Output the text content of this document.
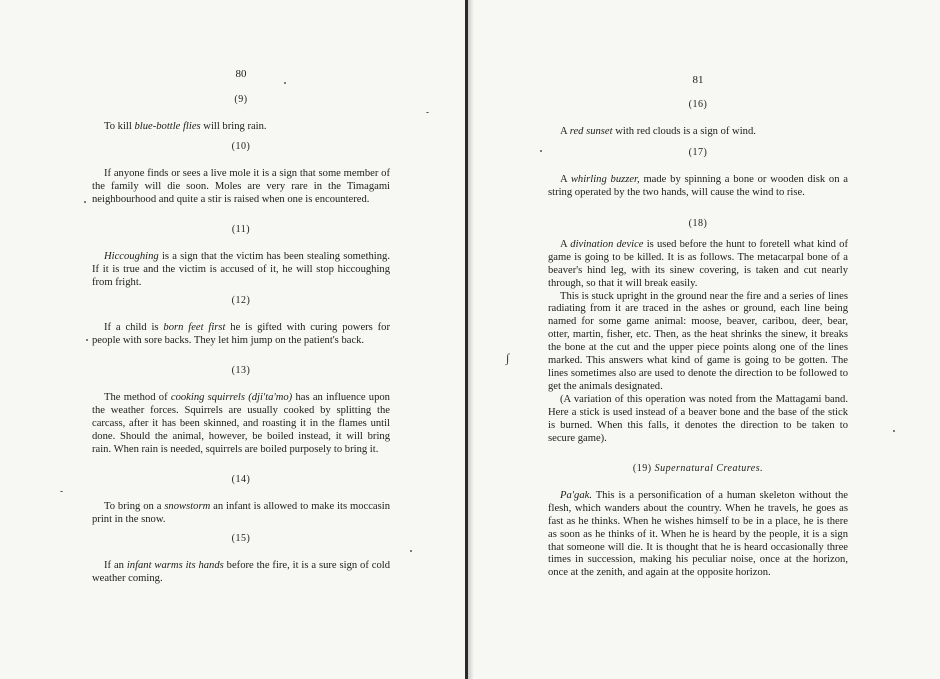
80
(9)

To kill blue-bottle flies will bring rain.

(10)

If anyone finds or sees a live mole it is a sign that some member of the family will die soon. Moles are very rare in the Timagami neighbourhood and quite a stir is raised when one is encountered.

(11)

Hiccoughing is a sign that the victim has been stealing something. If it is true and the victim is accused of it, he will stop hiccoughing from fright.

(12)

If a child is born feet first he is gifted with curing powers for people with sore backs. They let him jump on the patient's back.

(13)

The method of cooking squirrels (dji'ta'mo) has an influence upon the weather forces. Squirrels are usually cooked by splitting the carcass, after it has been skinned, and roasting it in the flames until done. Should the animal, however, be boiled instead, it will bring rain. When rain is needed, squirrels are boiled purposely to bring it.

(14)

To bring on a snowstorm an infant is allowed to make its moccasin print in the snow.

(15)

If an infant warms its hands before the fire, it is a sure sign of cold weather coming.

81
(16)

A red sunset with red clouds is a sign of wind.

(17)

A whirling buzzer, made by spinning a bone or wooden disk on a string operated by the two hands, will cause the wind to rise.

(18)

A divination device is used before the hunt to foretell what kind of game is going to be killed. It is as follows. The metacarpal bone of a beaver's hind leg, with its sinew covering, is taken and cut nearly through, so that it will break easily.

This is stuck upright in the ground near the fire and a series of lines radiating from it are traced in the ashes or ground, each line being named for some game animal: moose, beaver, caribou, deer, bear, otter, martin, fisher, etc. Then, as the heat shrinks the sinew, it breaks the bone at the cut and the upper piece points along one of the lines marked. This answers what kind of game is going to be gotten. The lines sometimes also are used to denote the direction to be followed to get the animals designated.

(A variation of this operation was noted from the Mattagami band. Here a stick is used instead of a beaver bone and the base of the stick is burned. When this falls, it denotes the direction to be taken to secure game).

(19) Supernatural Creatures.

Pa'gak. This is a personification of a human skeleton without the flesh, which wanders about the country. When he travels, he goes as fast as he thinks. When he wishes himself to be in a place, he is there as soon as he thinks of it. When he is heard by the people, it is a sign that someone will die. It is thought that he is heard occasionally three times in succession, making his peculiar noise, once at the horizon, once at the zenith, and again at the opposite horizon.

∫
